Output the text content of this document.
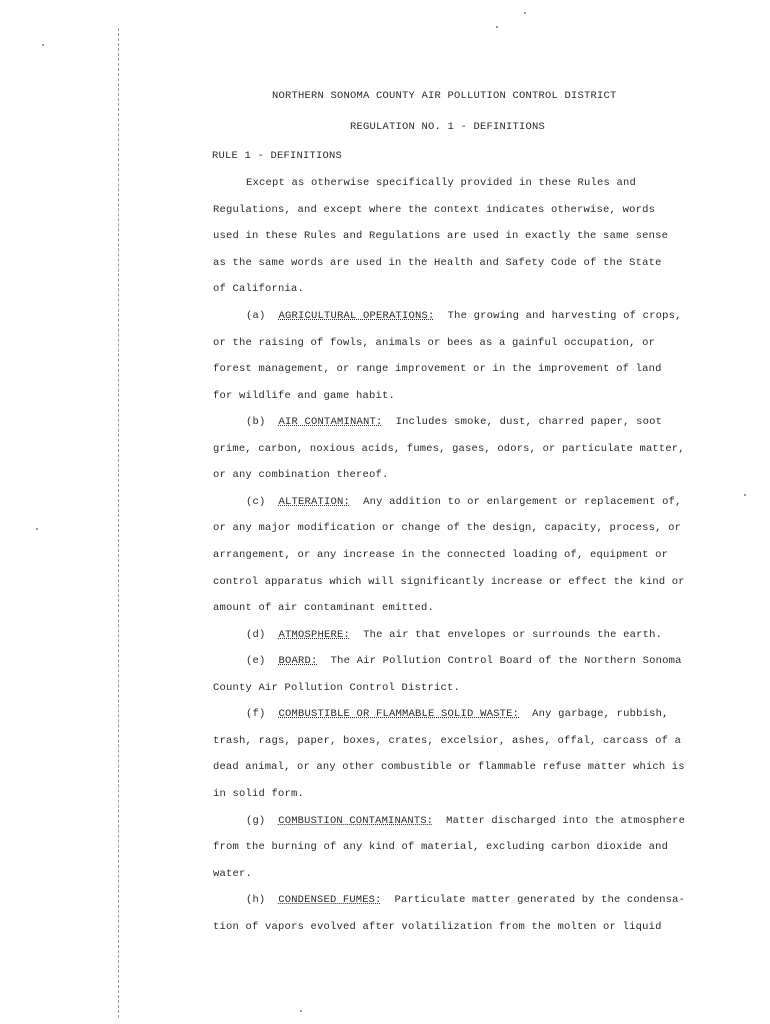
NORTHERN SONOMA COUNTY AIR POLLUTION CONTROL DISTRICT
REGULATION NO. 1 - DEFINITIONS
RULE 1 - DEFINITIONS
Except as otherwise specifically provided in these Rules and
Regulations, and except where the context indicates otherwise, words
used in these Rules and Regulations are used in exactly the same sense
as the same words are used in the Health and Safety Code of the State
of California.
(a) AGRICULTURAL OPERATIONS: The growing and harvesting of crops,
or the raising of fowls, animals or bees as a gainful occupation, or
forest management, or range improvement or in the improvement of land
for wildlife and game habit.
(b) AIR CONTAMINANT: Includes smoke, dust, charred paper, soot
grime, carbon, noxious acids, fumes, gases, odors, or particulate matter,
or any combination thereof.
(c) ALTERATION: Any addition to or enlargement or replacement of,
or any major modification or change of the design, capacity, process, or
arrangement, or any increase in the connected loading of, equipment or
control apparatus which will significantly increase or effect the kind or
amount of air contaminant emitted.
(d) ATMOSPHERE: The air that envelopes or surrounds the earth.
(e) BOARD: The Air Pollution Control Board of the Northern Sonoma
County Air Pollution Control District.
(f) COMBUSTIBLE OR FLAMMABLE SOLID WASTE: Any garbage, rubbish,
trash, rags, paper, boxes, crates, excelsior, ashes, offal, carcass of a
dead animal, or any other combustible or flammable refuse matter which is
in solid form.
(g) COMBUSTION CONTAMINANTS: Matter discharged into the atmosphere
from the burning of any kind of material, excluding carbon dioxide and
water.
(h) CONDENSED FUMES: Particulate matter generated by the condensa-
tion of vapors evolved after volatilization from the molten or liquid
